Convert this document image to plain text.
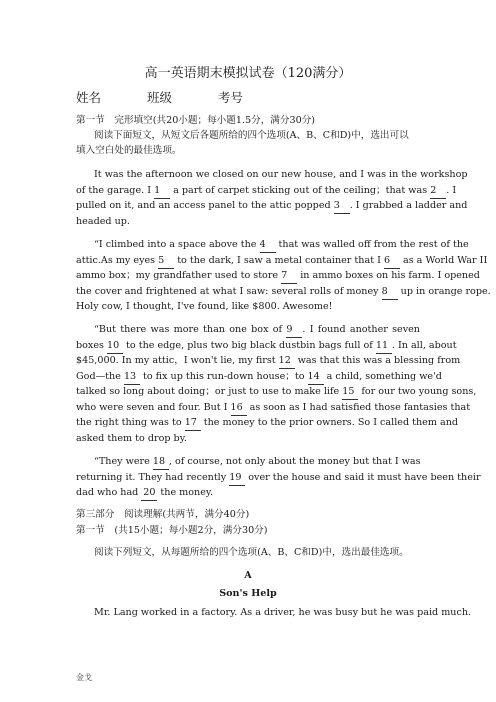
高一英语期末模拟试卷（120满分）
姓名	班级	考号
第一节　完形填空(共20小题；每小题1.5分，满分30分)
阅读下面短文，从短文后各题所给的四个选项(A、B、C和D)中，选出可以
填入空白处的最佳选项。
It was the afternoon we closed on our new house, and I was in the workshop
of the garage. I 1 a part of carpet sticking out of the ceiling；that was 2 . I
pulled on it, and an access panel to the attic popped 3 . I grabbed a ladder and
headed up.
“I climbed into a space above the 4 that was walled off from the rest of the
attic.As my eyes 5 to the dark, I saw a metal container that I 6 as a World War II
ammo box；my grandfather used to store 7 in ammo boxes on his farm. I opened
the cover and frightened at what I saw: several rolls of money 8 up in orange rope.
Holy cow, I thought, I've found, like $800. Awesome!
“But there was more than one box of 9 . I found another seven
boxes 10 to the edge, plus two big black dustbin bags full of 11 . In all, about
$45,000. In my attic，I won't lie, my first 12 was that this was a blessing from
God—the 13 to fix up this run-down house；to 14 a child, something we'd
talked so long about doing；or just to use to make life 15 for our two young sons,
who were seven and four. But I 16 as soon as I had satisfied those fantasies that
the right thing was to 17 the money to the prior owners. So I called them and
asked them to drop by.
“They were 18 , of course, not only about the money but that I was
returning it. They had recently 19 over the house and said it must have been their
dad who had 20 the money.
第三部分　阅读理解(共两节，满分40分)
第一节　(共15小题；每小题2分，满分30分)
阅读下列短文，从每题所给的四个选项(A、B、C和D)中，选出最佳选项。
A
Son's Help
Mr. Lang worked in a factory. As a driver, he was busy but he was paid much.
金戈
